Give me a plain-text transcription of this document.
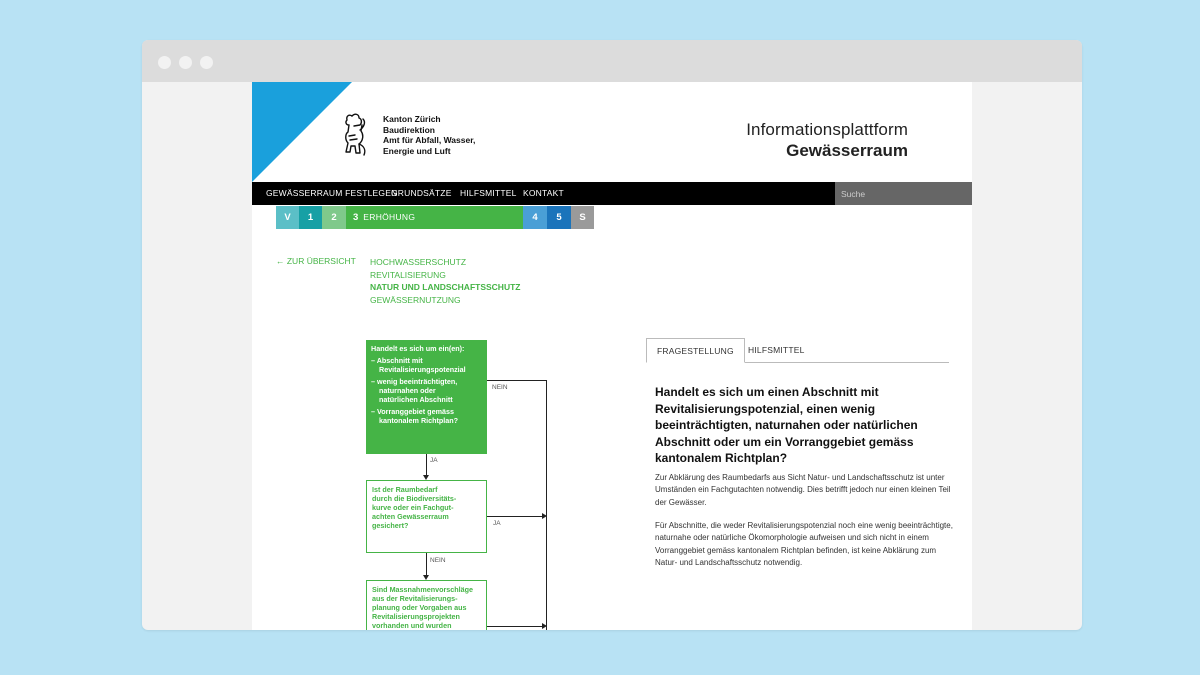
Kanton Zürich
Baudirektion
Amt für Abfall, Wasser,
Energie und Luft
Informationsplattform
Gewässerraum
GEWÄSSERRAUM FESTLEGEN
GRUNDSÄTZE HILFSMITTEL KONTAKT	Suche
V	1	2	3 ERHÖHUNG	4	5	S
← ZUR ÜBERSICHT HOCHWASSERSCHUTZ
REVITALISIERUNG
NATUR UND LANDSCHAFTSSCHUTZ
GEWÄSSERNUTZUNG
Handelt es sich um ein(en):
– Abschnitt mit
Revitalisierungspotenzial
– wenig beeinträchtigten,
naturnahen oder
natürlichen Abschnitt
– Vorranggebiet gemäss
kantonalem Richtplan?
JA
NEIN
Ist der Raumbedarf
durch die Biodiversitäts-
kurve oder ein Fachgut-
achten Gewässerraum
gesichert?	JA
NEIN
Sind Massnahmenvorschläge
aus der Revitalisierungs-
planung oder Vorgaben aus
Revitalisierungsprojekten
vorhanden und wurden
FRAGESTELLUNG	HILFSMITTEL
Handelt es sich um einen Abschnitt mit Revitalisierungspotenzial, einen wenig beeinträchtigten, naturnahen oder natürlichen Abschnitt oder um ein Vorranggebiet gemäss kantonalem Richtplan?
Zur Abklärung des Raumbedarfs aus Sicht Natur- und Landschaftsschutz ist unter Umständen ein Fachgutachten notwendig. Dies betrifft jedoch nur einen kleinen Teil der Gewässer.
Für Abschnitte, die weder Revitalisierungspotenzial noch eine wenig beeinträchtigte, naturnahe oder natürliche Ökomorphologie aufweisen und sich nicht in einem Vorranggebiet gemäss kantonalem Richtplan befinden, ist keine Abklärung zum Natur- und Landschaftsschutz notwendig.
